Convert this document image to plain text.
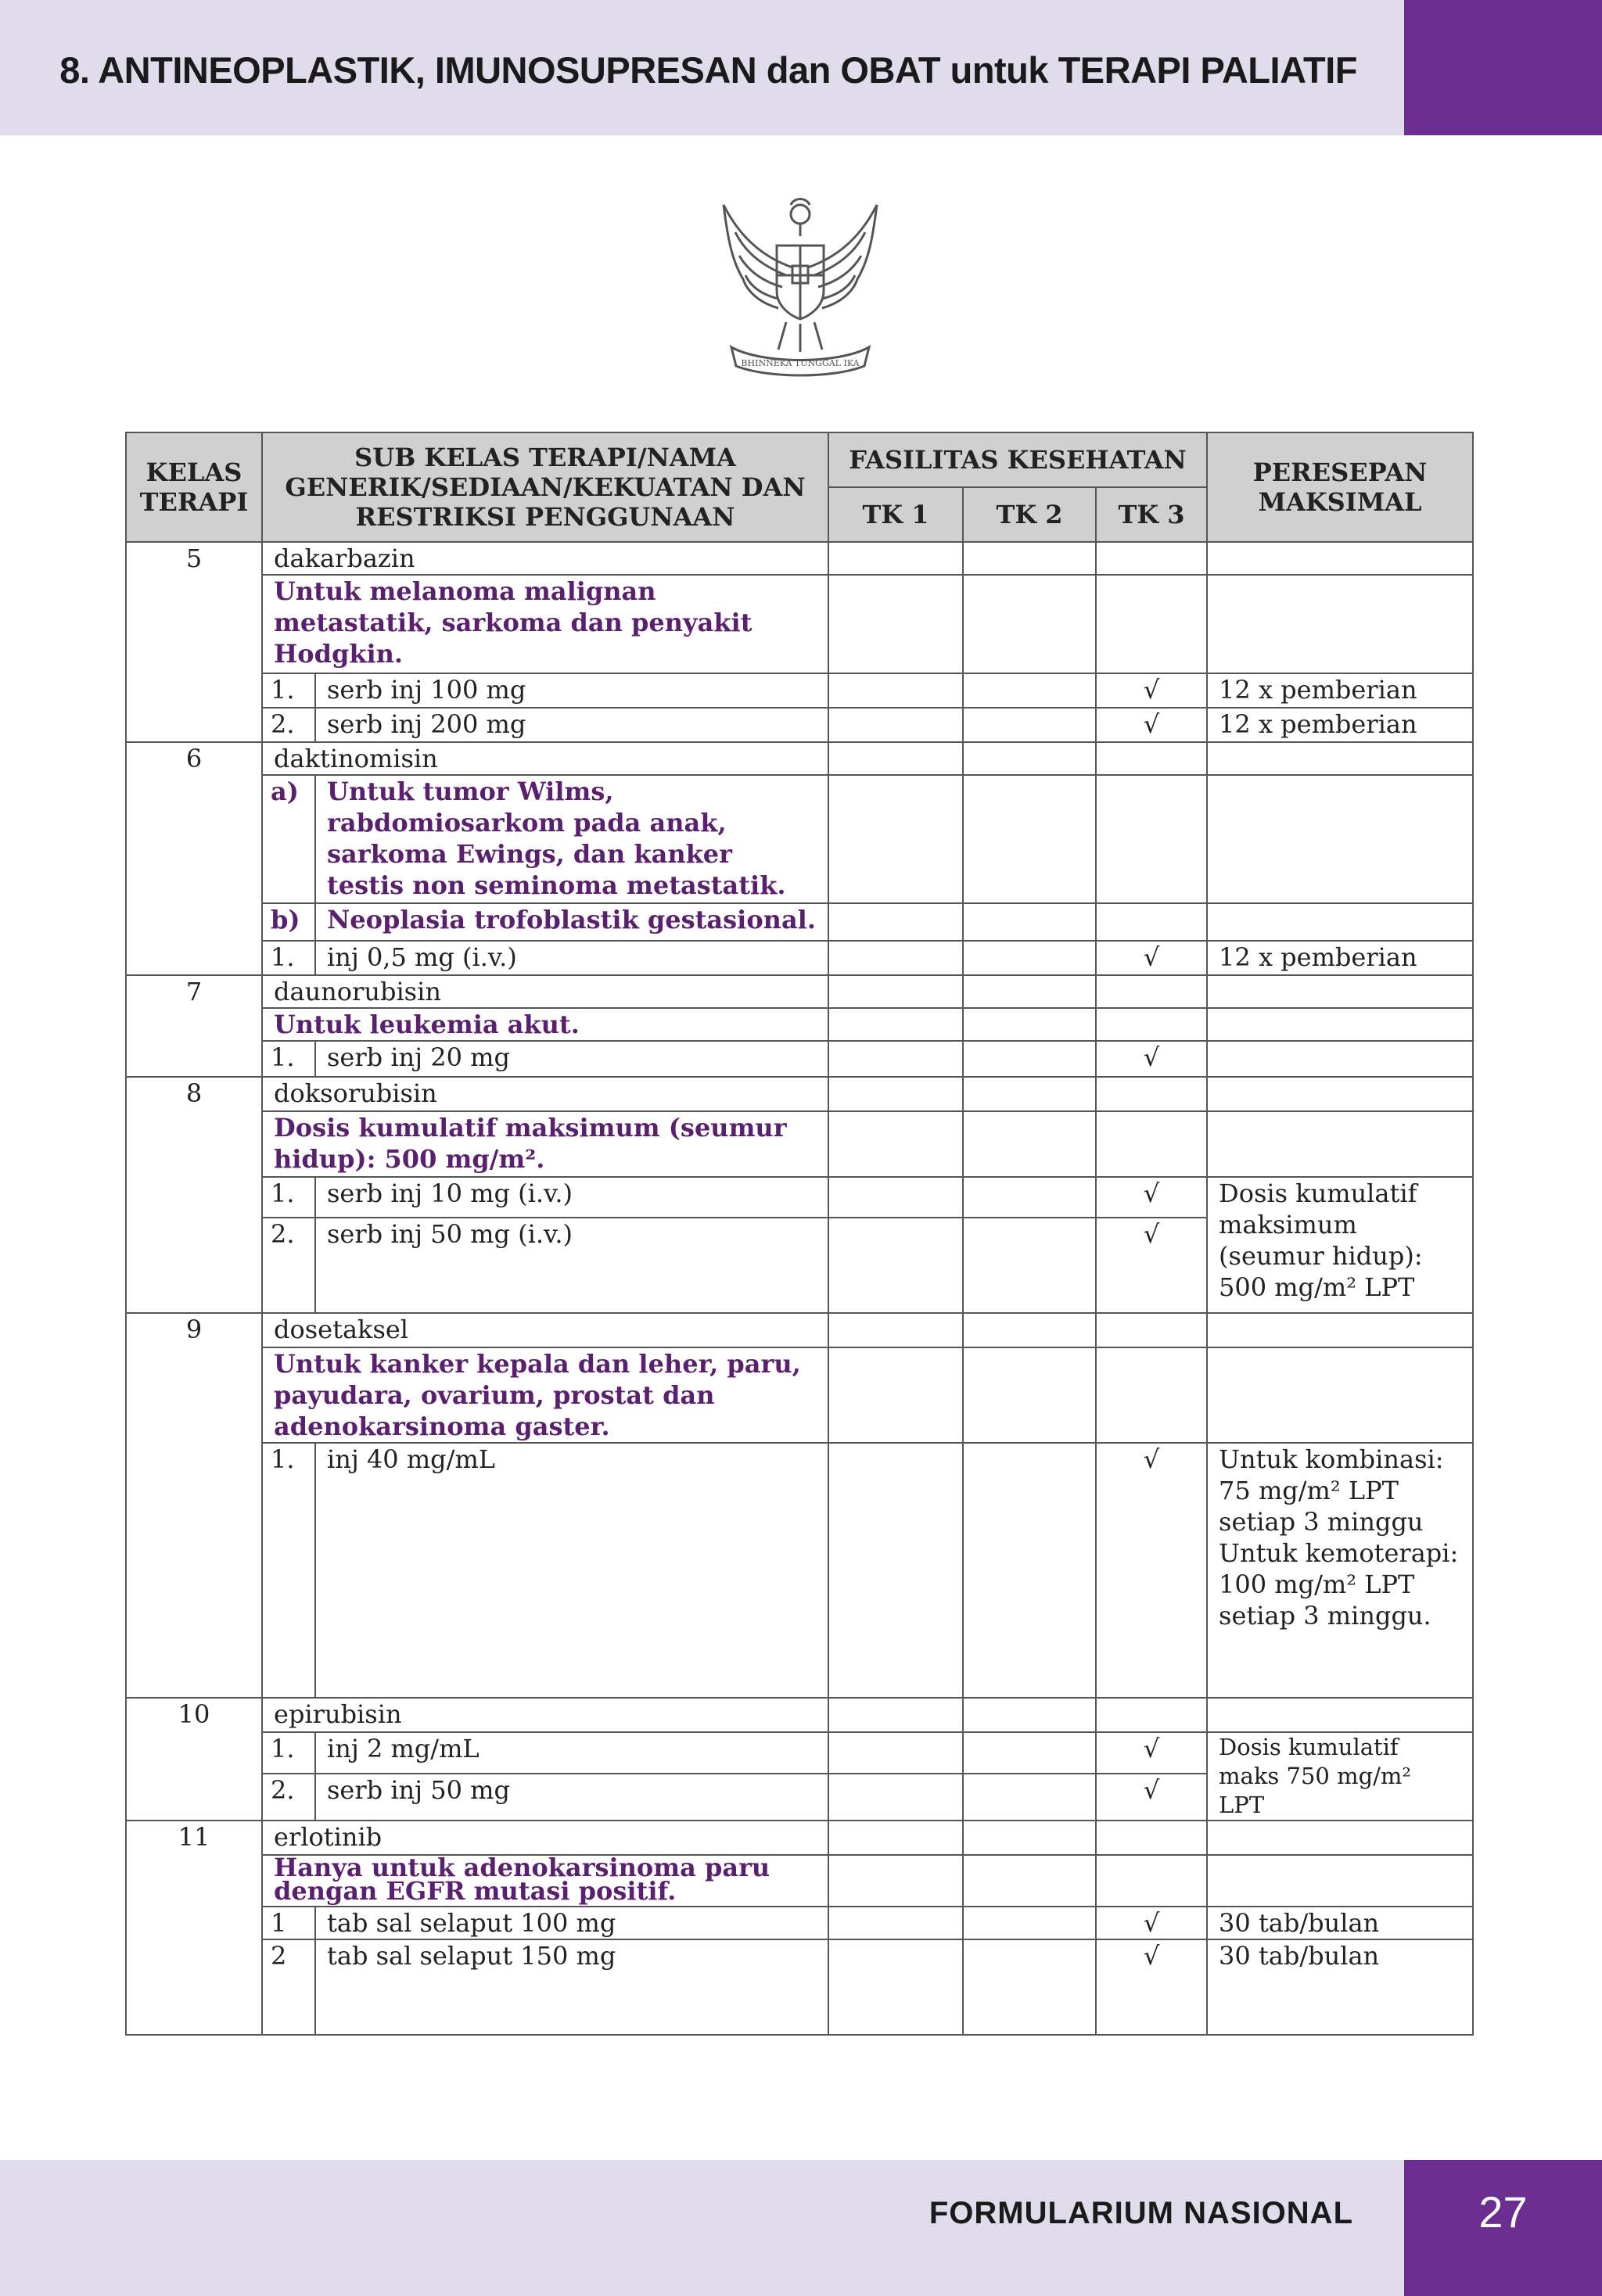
8. ANTINEOPLASTIK, IMUNOSUPRESAN dan OBAT untuk TERAPI PALIATIF
BHINNEKA TUNGGAL IKA
KELAS TERAPI	SUB KELAS TERAPI/NAMA GENERIK/SEDIAAN/KEKUATAN DAN RESTRIKSI PENGGUNAAN		FASILITAS KESEHATAN			PERESEPAN MAKSIMAL
			TK 1	TK 2	TK 3	
5	dakarbazin					
	Untuk melanoma malignan metastatik, sarkoma dan penyakit Hodgkin.					
	1.	serb inj 100 mg			√	12 x pemberian
	2.	serb inj 200 mg			√	12 x pemberian
6	daktinomisin					
	a)	Untuk tumor Wilms, rabdomiosarkom pada anak, sarkoma Ewings, dan kanker testis non seminoma metastatik.				
	b)	Neoplasia trofoblastik gestasional.				
	1.	inj 0,5 mg (i.v.)			√	12 x pemberian
7	daunorubisin					
	Untuk leukemia akut.					
	1.	serb inj 20 mg			√	
8	doksorubisin					
	Dosis kumulatif maksimum (seumur hidup): 500 mg/m².					
	1.	serb inj 10 mg (i.v.)			√	Dosis kumulatif maksimum (seumur hidup): 500 mg/m² LPT
	2.	serb inj 50 mg (i.v.)			√	
9	dosetaksel					
	Untuk kanker kepala dan leher, paru, payudara, ovarium, prostat dan adenokarsinoma gaster.					
	1.	inj 40 mg/mL			√	Untuk kombinasi: 75 mg/m² LPT setiap 3 minggu Untuk kemoterapi: 100 mg/m² LPT setiap 3 minggu.
10	epirubisin					
	1.	inj 2 mg/mL			√	Dosis kumulatif maks 750 mg/m² LPT
	2.	serb inj 50 mg			√	
11	erlotinib					
	Hanya untuk adenokarsinoma paru dengan EGFR mutasi positif.					
	1	tab sal selaput 100 mg			√	30 tab/bulan
	2	tab sal selaput 150 mg			√	30 tab/bulan
FORMULARIUM NASIONAL	27
